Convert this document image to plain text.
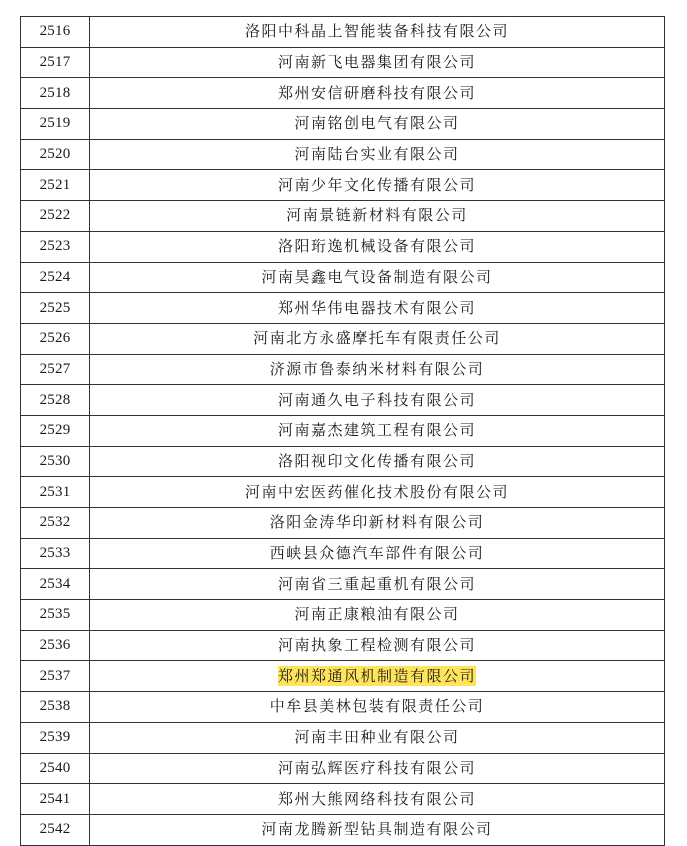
2516	洛阳中科晶上智能装备科技有限公司
2517	河南新飞电器集团有限公司
2518	郑州安信研磨科技有限公司
2519	河南铭创电气有限公司
2520	河南陆台实业有限公司
2521	河南少年文化传播有限公司
2522	河南景链新材料有限公司
2523	洛阳珩逸机械设备有限公司
2524	河南昊鑫电气设备制造有限公司
2525	郑州华伟电器技术有限公司
2526	河南北方永盛摩托车有限责任公司
2527	济源市鲁泰纳米材料有限公司
2528	河南通久电子科技有限公司
2529	河南嘉杰建筑工程有限公司
2530	洛阳视印文化传播有限公司
2531	河南中宏医药催化技术股份有限公司
2532	洛阳金涛华印新材料有限公司
2533	西峡县众德汽车部件有限公司
2534	河南省三重起重机有限公司
2535	河南正康粮油有限公司
2536	河南执象工程检测有限公司
2537	郑州郑通风机制造有限公司
2538	中牟县美林包装有限责任公司
2539	河南丰田种业有限公司
2540	河南弘辉医疗科技有限公司
2541	郑州大熊网络科技有限公司
2542	河南龙腾新型钻具制造有限公司
